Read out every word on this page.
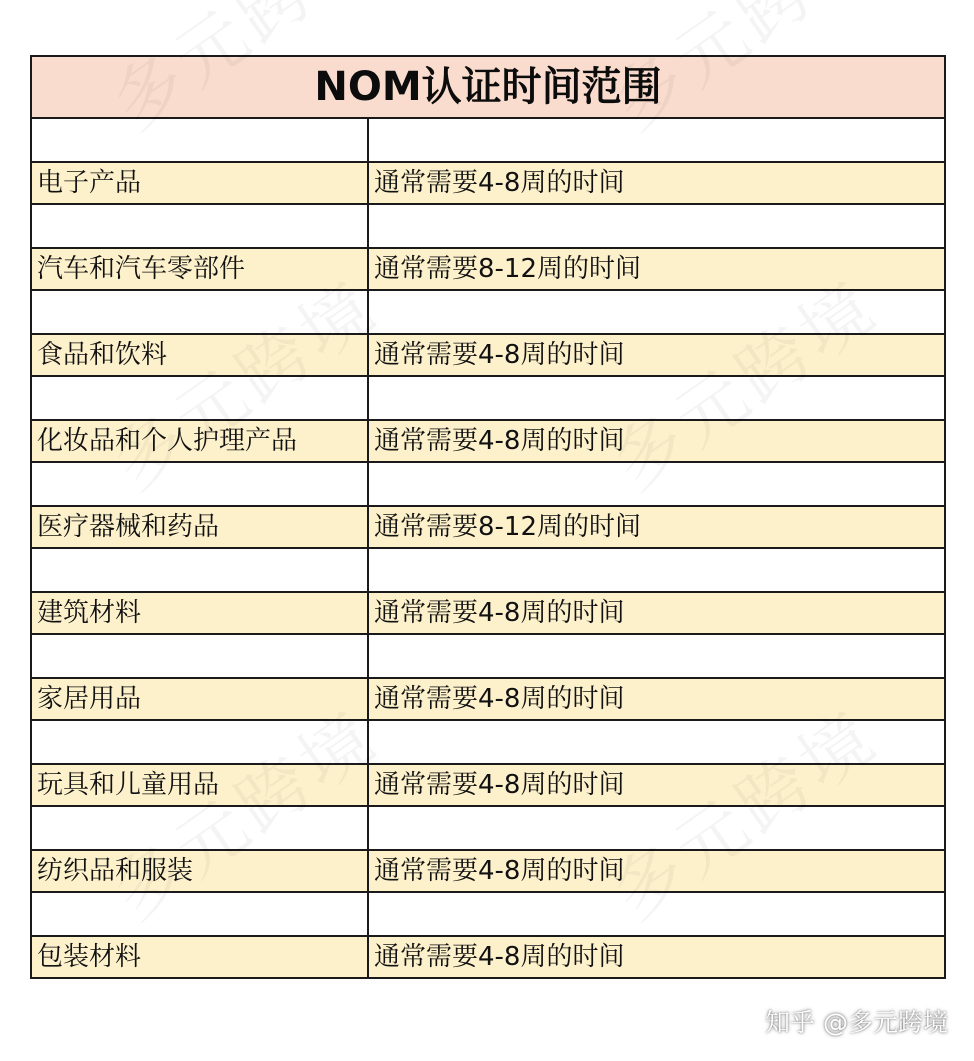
NOM认证时间范围	

电子产品	通常需要4-8周的时间

汽车和汽车零部件	通常需要8-12周的时间

食品和饮料	通常需要4-8周的时间

化妆品和个人护理产品	通常需要4-8周的时间

医疗器械和药品	通常需要8-12周的时间

建筑材料	通常需要4-8周的时间

家居用品	通常需要4-8周的时间

玩具和儿童用品	通常需要4-8周的时间

纺织品和服装	通常需要4-8周的时间

包装材料	通常需要4-8周的时间
知乎 @多元跨境
